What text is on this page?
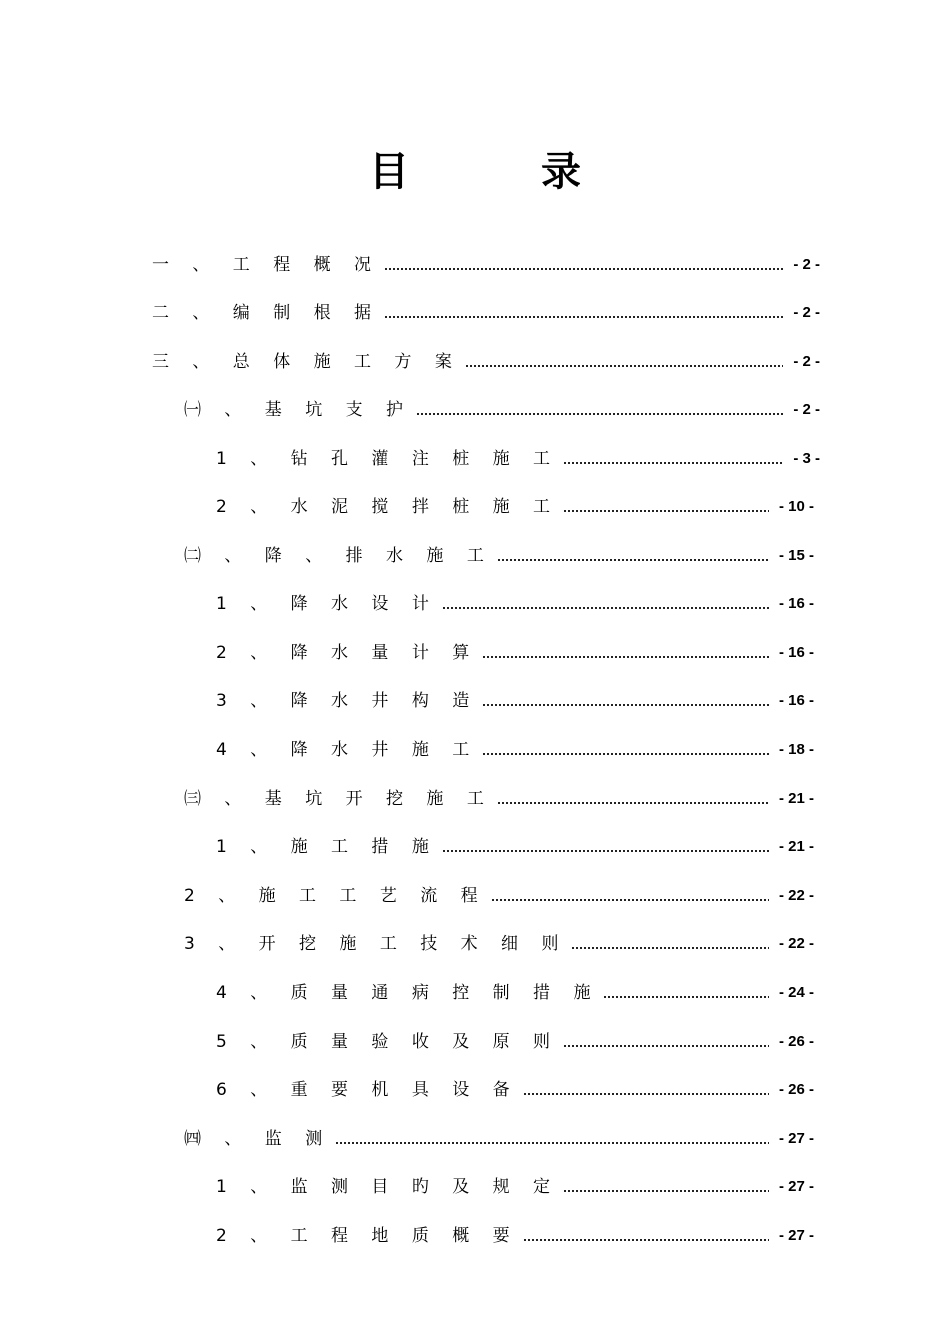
目　录
一 、 工 程 概 况	- 2 -
二 、 编 制 根 据	- 2 -
三 、 总 体 施 工 方 案	- 2 -
㈠ 、 基 坑 支 护	- 2 -
1 、 钻 孔 灌 注 桩 施 工	- 3 -
2 、 水 泥 搅 拌 桩 施 工	- 10 -
㈡ 、 降 、 排 水 施 工	- 15 -
1 、 降 水 设 计	- 16 -
2 、 降 水 量 计 算	- 16 -
3 、 降 水 井 构 造	- 16 -
4 、 降 水 井 施 工	- 18 -
㈢ 、 基 坑 开 挖 施 工	- 21 -
1 、 施 工 措 施	- 21 -
2 、 施 工 工 艺 流 程	- 22 -
3 、 开 挖 施 工 技 术 细 则	- 22 -
4 、 质 量 通 病 控 制 措 施	- 24 -
5 、 质 量 验 收 及 原 则	- 26 -
6 、 重 要 机 具 设 备	- 26 -
㈣ 、 监 测	- 27 -
1 、 监 测 目 旳 及 规 定	- 27 -
2 、 工 程 地 质 概 要	- 27 -
